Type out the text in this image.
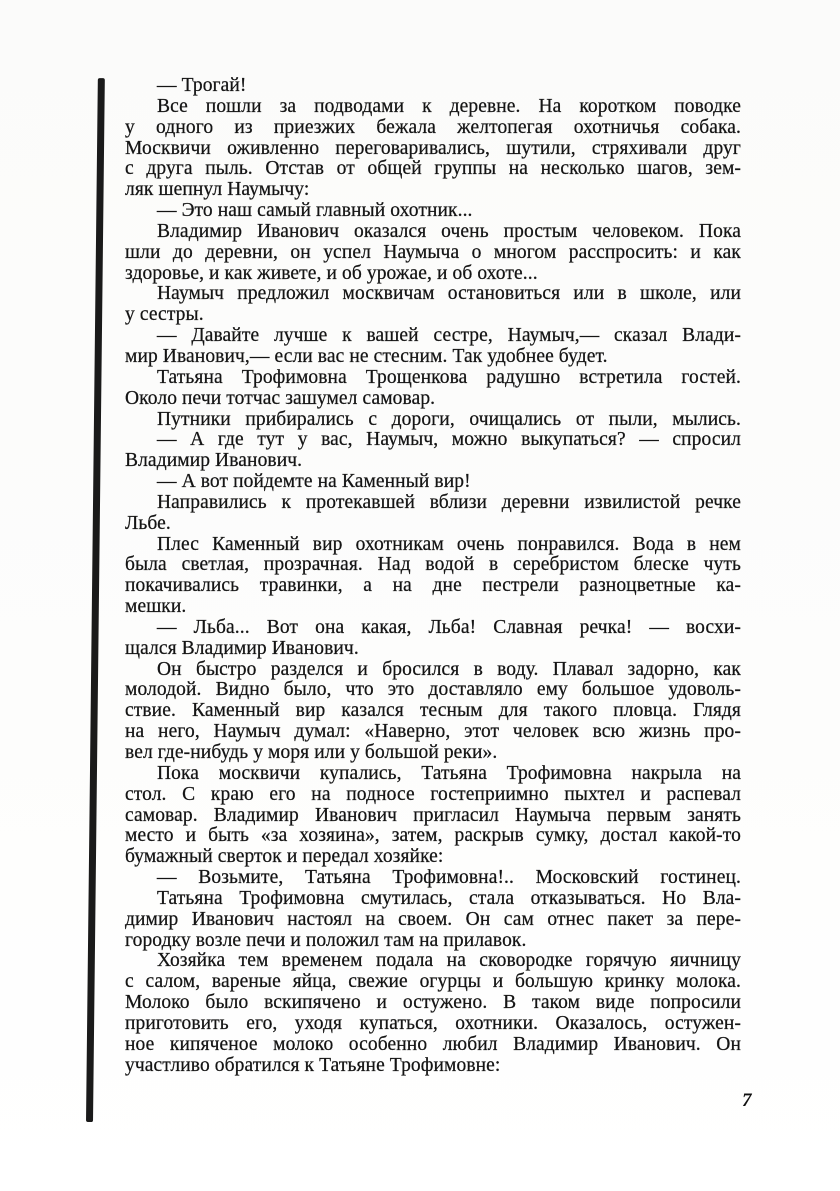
— Трогай!
Все пошли за подводами к деревне. На коротком поводке
у одного из приезжих бежала желтопегая охотничья собака.
Москвичи оживленно переговаривались, шутили, стряхивали друг
с друга пыль. Отстав от общей группы на несколько шагов, зем-
ляк шепнул Наумычу:
— Это наш самый главный охотник...
Владимир Иванович оказался очень простым человеком. Пока
шли до деревни, он успел Наумыча о многом расспросить: и как
здоровье, и как живете, и об урожае, и об охоте...
Наумыч предложил москвичам остановиться или в школе, или
у сестры.
— Давайте лучше к вашей сестре, Наумыч,— сказал Влади-
мир Иванович,— если вас не стесним. Так удобнее будет.
Татьяна Трофимовна Трощенкова радушно встретила гостей.
Около печи тотчас зашумел самовар.
Путники прибирались с дороги, очищались от пыли, мылись.
— А где тут у вас, Наумыч, можно выкупаться? — спросил
Владимир Иванович.
— А вот пойдемте на Каменный вир!
Направились к протекавшей вблизи деревни извилистой речке
Льбе.
Плес Каменный вир охотникам очень понравился. Вода в нем
была светлая, прозрачная. Над водой в серебристом блеске чуть
покачивались травинки, а на дне пестрели разноцветные ка-
мешки.
— Льба... Вот она какая, Льба! Славная речка! — восхи-
щался Владимир Иванович.
Он быстро разделся и бросился в воду. Плавал задорно, как
молодой. Видно было, что это доставляло ему большое удоволь-
ствие. Каменный вир казался тесным для такого пловца. Глядя
на него, Наумыч думал: «Наверно, этот человек всю жизнь про-
вел где-нибудь у моря или у большой реки».
Пока москвичи купались, Татьяна Трофимовна накрыла на
стол. С краю его на подносе гостеприимно пыхтел и распевал
самовар. Владимир Иванович пригласил Наумыча первым занять
место и быть «за хозяина», затем, раскрыв сумку, достал какой-то
бумажный сверток и передал хозяйке:
— Возьмите, Татьяна Трофимовна!.. Московский гостинец.
Татьяна Трофимовна смутилась, стала отказываться. Но Вла-
димир Иванович настоял на своем. Он сам отнес пакет за пере-
городку возле печи и положил там на прилавок.
Хозяйка тем временем подала на сковородке горячую яичницу
с салом, вареные яйца, свежие огурцы и большую кринку молока.
Молоко было вскипячено и остужено. В таком виде попросили
приготовить его, уходя купаться, охотники. Оказалось, остужен-
ное кипяченое молоко особенно любил Владимир Иванович. Он
участливо обратился к Татьяне Трофимовне:
7
